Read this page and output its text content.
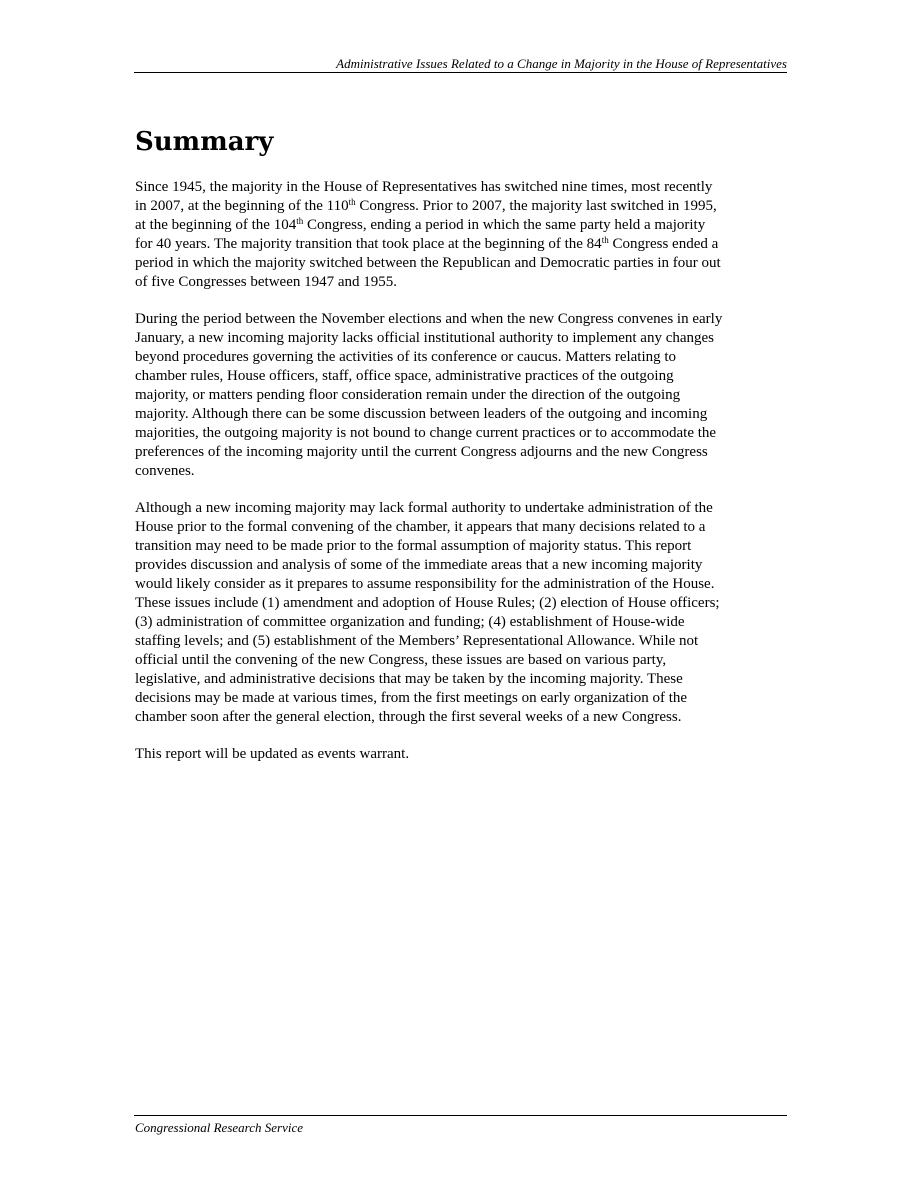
Administrative Issues Related to a Change in Majority in the House of Representatives
Summary

Since 1945, the majority in the House of Representatives has switched nine times, most recently
in 2007, at the beginning of the 110th Congress. Prior to 2007, the majority last switched in 1995,
at the beginning of the 104th Congress, ending a period in which the same party held a majority
for 40 years. The majority transition that took place at the beginning of the 84th Congress ended a
period in which the majority switched between the Republican and Democratic parties in four out
of five Congresses between 1947 and 1955.

During the period between the November elections and when the new Congress convenes in early
January, a new incoming majority lacks official institutional authority to implement any changes
beyond procedures governing the activities of its conference or caucus. Matters relating to
chamber rules, House officers, staff, office space, administrative practices of the outgoing
majority, or matters pending floor consideration remain under the direction of the outgoing
majority. Although there can be some discussion between leaders of the outgoing and incoming
majorities, the outgoing majority is not bound to change current practices or to accommodate the
preferences of the incoming majority until the current Congress adjourns and the new Congress
convenes.

Although a new incoming majority may lack formal authority to undertake administration of the
House prior to the formal convening of the chamber, it appears that many decisions related to a
transition may need to be made prior to the formal assumption of majority status. This report
provides discussion and analysis of some of the immediate areas that a new incoming majority
would likely consider as it prepares to assume responsibility for the administration of the House.
These issues include (1) amendment and adoption of House Rules; (2) election of House officers;
(3) administration of committee organization and funding; (4) establishment of House-wide
staffing levels; and (5) establishment of the Members’ Representational Allowance. While not
official until the convening of the new Congress, these issues are based on various party,
legislative, and administrative decisions that may be taken by the incoming majority. These
decisions may be made at various times, from the first meetings on early organization of the
chamber soon after the general election, through the first several weeks of a new Congress.

This report will be updated as events warrant.

Congressional Research Service
